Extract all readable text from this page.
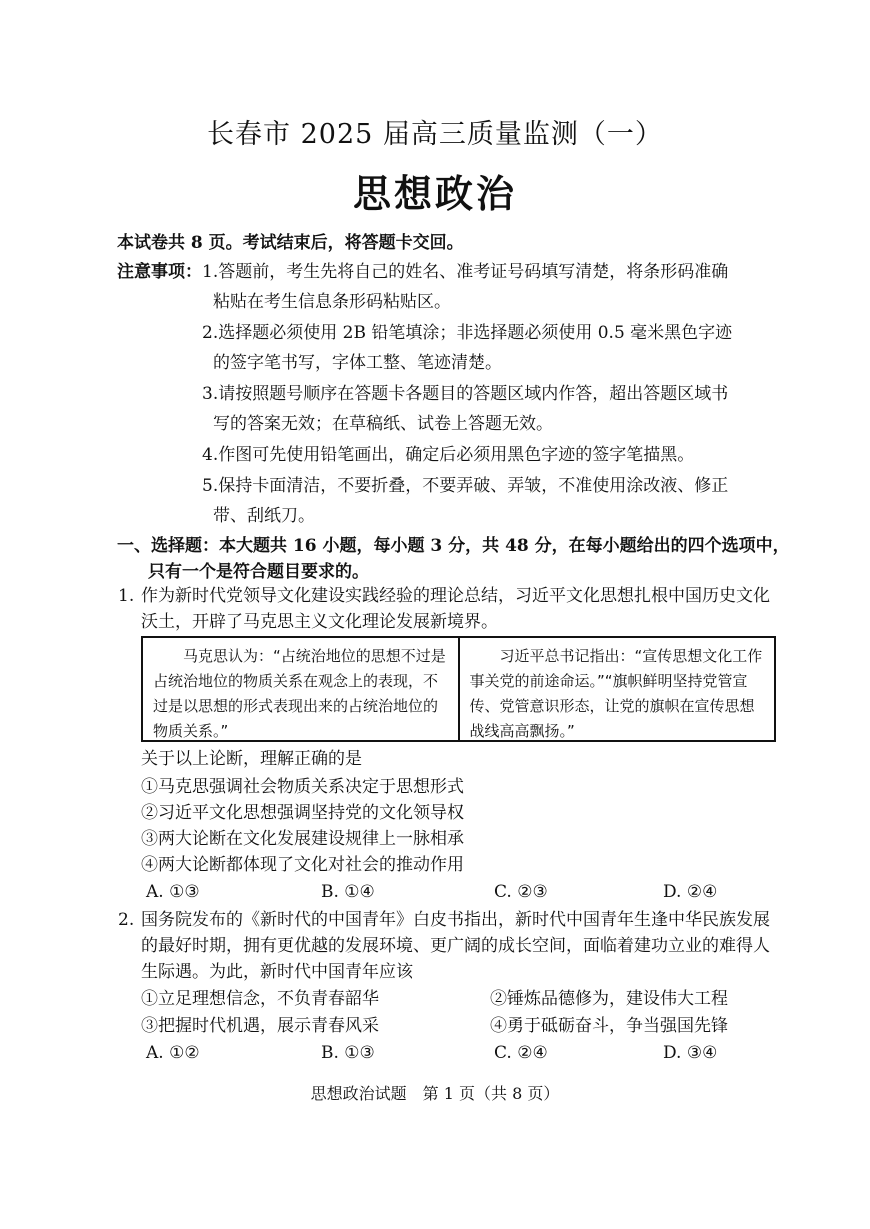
长春市 2025 届高三质量监测（一）
思想政治
本试卷共 8 页。考试结束后，将答题卡交回。
注意事项： 1.答题前，考生先将自己的姓名、准考证号码填写清楚，将条形码准确
粘贴在考生信息条形码粘贴区。
2.选择题必须使用 2B 铅笔填涂；非选择题必须使用 0.5 毫米黑色字迹
的签字笔书写，字体工整、笔迹清楚。
3.请按照题号顺序在答题卡各题目的答题区域内作答，超出答题区域书
写的答案无效；在草稿纸、试卷上答题无效。
4.作图可先使用铅笔画出，确定后必须用黑色字迹的签字笔描黑。
5.保持卡面清洁，不要折叠，不要弄破、弄皱，不准使用涂改液、修正
带、刮纸刀。
一、选择题：本大题共 16 小题，每小题 3 分，共 48 分，在每小题给出的四个选项中，
只有一个是符合题目要求的。
1. 作为新时代党领导文化建设实践经验的理论总结，习近平文化思想扎根中国历史文化
沃土，开辟了马克思主义文化理论发展新境界。
马克思认为：“占统治地位的思想不过是占统治地位的物质关系在观念上的表现，不过是以思想的形式表现出来的占统治地位的物质关系。”
习近平总书记指出：“宣传思想文化工作事关党的前途命运。”“旗帜鲜明坚持党管宣传、党管意识形态，让党的旗帜在宣传思想战线高高飘扬。”
关于以上论断，理解正确的是
①马克思强调社会物质关系决定于思想形式
②习近平文化思想强调坚持党的文化领导权
③两大论断在文化发展建设规律上一脉相承
④两大论断都体现了文化对社会的推动作用
A. ①③	B. ①④	C. ②③	D. ②④
2. 国务院发布的《新时代的中国青年》白皮书指出，新时代中国青年生逢中华民族发展
的最好时期，拥有更优越的发展环境、更广阔的成长空间，面临着建功立业的难得人
生际遇。为此，新时代中国青年应该
①立足理想信念，不负青春韶华	②锤炼品德修为，建设伟大工程
③把握时代机遇，展示青春风采	④勇于砥砺奋斗，争当强国先锋
A. ①②	B. ①③	C. ②④	D. ③④
思想政治试题　第 1 页（共 8 页）
